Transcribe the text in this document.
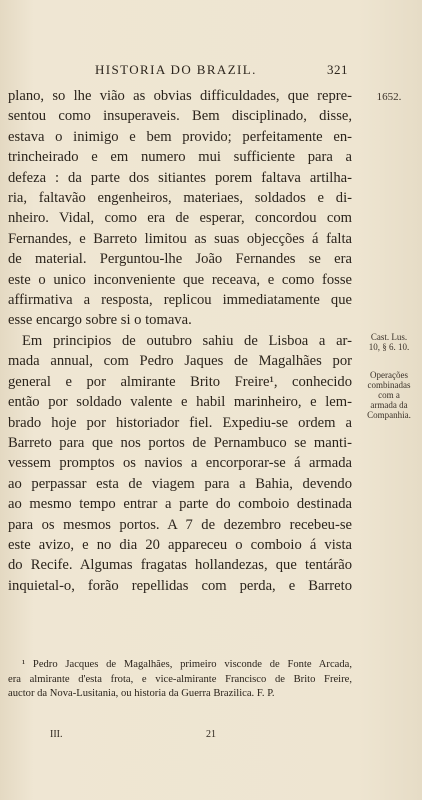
HISTORIA DO BRAZIL.	321
1652.
Cast. Lus.
10, § 6. 10.
Operações
combinadas
com a
armada da
Companhia.
plano, so lhe vião as obvias difficuldades, que repre-
sentou como insuperaveis. Bem disciplinado, disse,
estava o inimigo e bem provido; perfeitamente en-
trincheirado e em numero mui sufficiente para a
defeza : da parte dos sitiantes porem faltava artilha-
ria, faltavão engenheiros, materiaes, soldados e di-
nheiro. Vidal, como era de esperar, concordou com
Fernandes, e Barreto limitou as suas objecções á falta
de material. Perguntou-lhe João Fernandes se era
este o unico inconveniente que receava, e como fosse
affirmativa a resposta, replicou immediatamente que
esse encargo sobre si o tomava.
Em principios de outubro sahiu de Lisboa a ar-
mada annual, com Pedro Jaques de Magalhães por
general e por almirante Brito Freire¹, conhecido
então por soldado valente e habil marinheiro, e lem-
brado hoje por historiador fiel. Expediu-se ordem a
Barreto para que nos portos de Pernambuco se manti-
vessem promptos os navios a encorporar-se á armada
ao perpassar esta de viagem para a Bahia, devendo
ao mesmo tempo entrar a parte do comboio destinada
para os mesmos portos. A 7 de dezembro recebeu-se
este avizo, e no dia 20 appareceu o comboio á vista
do Recife. Algumas fragatas hollandezas, que tentárão
inquietal-o, forão repellidas com perda, e Barreto
¹ Pedro Jacques de Magalhães, primeiro visconde de Fonte Arcada,
era almirante d'esta frota, e vice-almirante Francisco de Brito Freire,
auctor da Nova-Lusitania, ou historia da Guerra Brazilica. F. P.
III.	21
